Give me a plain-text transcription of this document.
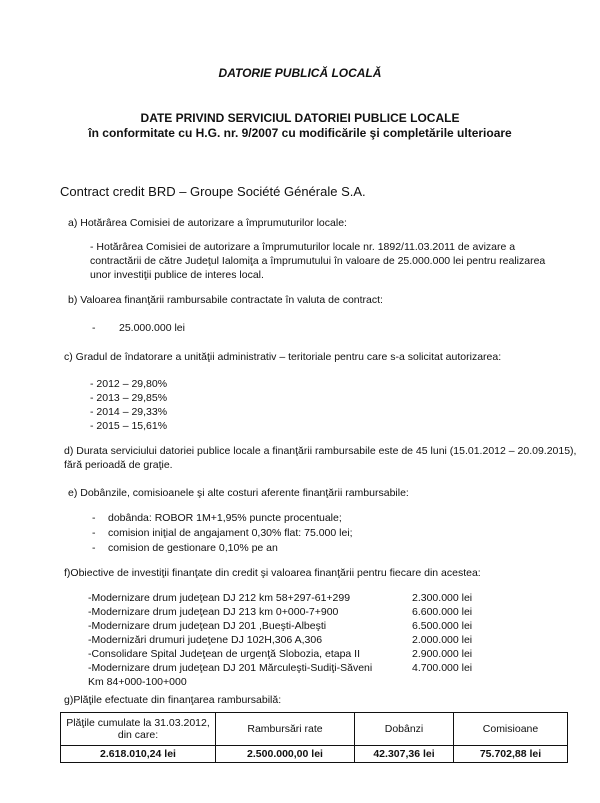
DATORIE PUBLICĂ LOCALĂ
DATE PRIVIND SERVICIUL DATORIEI PUBLICE LOCALE
în conformitate cu H.G. nr. 9/2007 cu modificările şi completările ulterioare
Contract credit BRD – Groupe Société Générale S.A.
a) Hotărârea Comisiei de autorizare a împrumuturilor locale:
- Hotărârea Comisiei de autorizare a împrumuturilor locale nr. 1892/11.03.2011 de avizare a
contractării de către Judeţul Ialomiţa a împrumutului în valoare de 25.000.000 lei pentru realizarea
unor investiţii publice de interes local.
b) Valoarea finanţării rambursabile contractate în valuta de contract:
- 25.000.000 lei
c) Gradul de îndatorare a unităţii administrativ – teritoriale pentru care s-a solicitat autorizarea:
- 2012 – 29,80%
- 2013 – 29,85%
- 2014 – 29,33%
- 2015 – 15,61%
d) Durata serviciului datoriei publice locale a finanţării rambursabile este de 45 luni (15.01.2012 – 20.09.2015),
fără perioadă de graţie.
e) Dobânzile, comisioanele şi alte costuri aferente finanţării rambursabile:
- dobânda: ROBOR 1M+1,95% puncte procentuale;
- comision iniţial de angajament 0,30% flat: 75.000 lei;
- comision de gestionare 0,10% pe an
f)Obiective de investiţii finanţate din credit şi valoarea finanţării pentru fiecare din acestea:
-Modernizare drum judeţean DJ 212 km 58+297-61+299	2.300.000 lei
-Modernizare drum judeţean DJ 213 km 0+000-7+900	6.600.000 lei
-Modernizare drum judeţean DJ 201 ,Bueşti-Albeşti	6.500.000 lei
-Modernizări drumuri judeţene DJ 102H,306 A,306	2.000.000 lei
-Consolidare Spital Judeţean de urgenţă Slobozia, etapa II	2.900.000 lei
-Modernizare drum judeţean DJ 201 Mărculeşti-Sudiţi-Săveni	4.700.000 lei
Km 84+000-100+000
g)Plăţile efectuate din finanţarea rambursabilă:
Plăţile cumulate la 31.03.2012, din care:	Rambursări rate	Dobânzi	Comisioane
2.618.010,24 lei	2.500.000,00 lei	42.307,36 lei	75.702,88 lei
